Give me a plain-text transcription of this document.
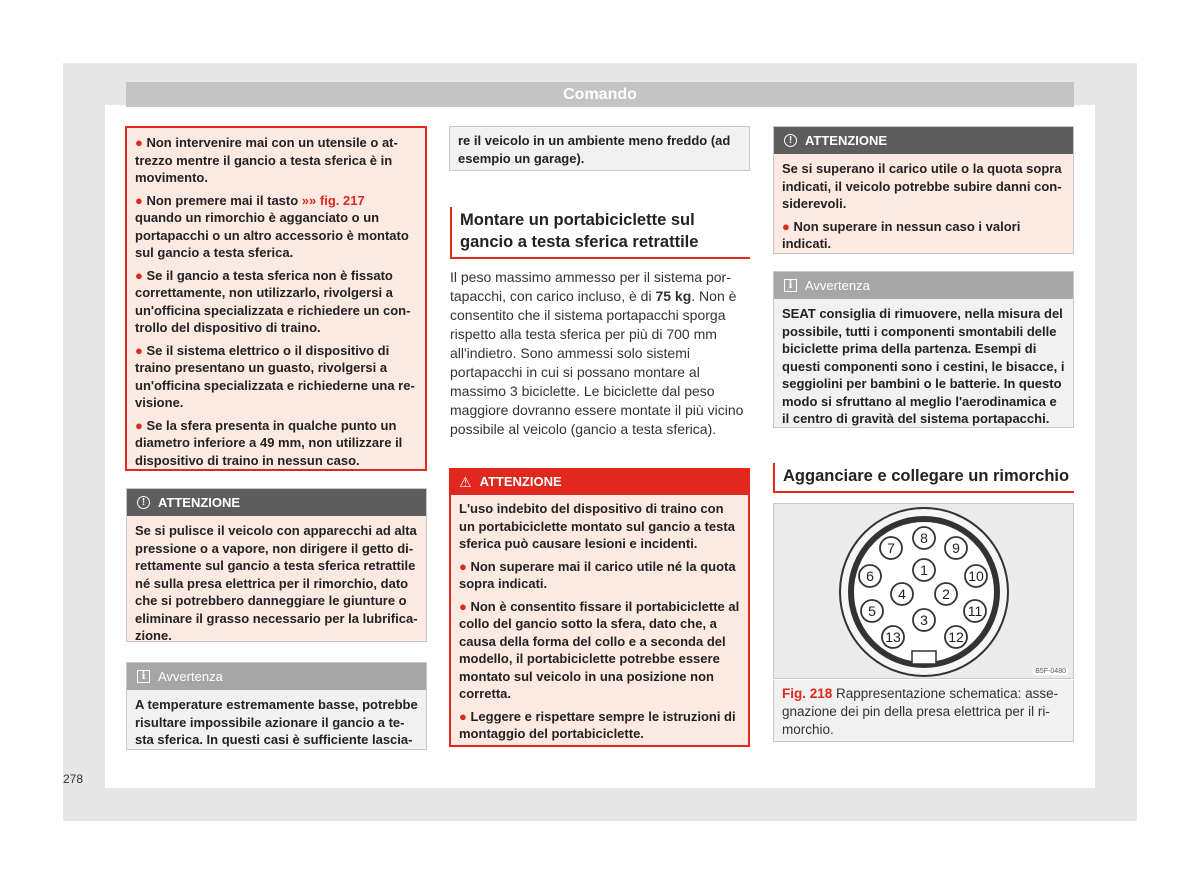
Comando

● Non intervenire mai con un utensile o attrezzo mentre il gancio a testa sferica è in movimento.

● Non premere mai il tasto »» fig. 217 quando un rimorchio è agganciato o un portapacchi o un altro accessorio è montato sul gancio a testa sferica.

● Se il gancio a testa sferica non è fissato correttamente, non utilizzarlo, rivolgersi a un'officina specializzata e richiedere un controllo del dispositivo di traino.

● Se il sistema elettrico o il dispositivo di traino presentano un guasto, rivolgersi a un'officina specializzata e richiederne una revisione.

● Se la sfera presenta in qualche punto un diametro inferiore a 49 mm, non utilizzare il dispositivo di traino in nessun caso.

! ATTENZIONE
Se si pulisce il veicolo con apparecchi ad alta pressione o a vapore, non dirigere il getto direttamente sul gancio a testa sferica retrattile né sulla presa elettrica per il rimorchio, dato che si potrebbero danneggiare le giunture o eliminare il grasso necessario per la lubrificazione.
i Avvertenza
A temperature estremamente basse, potrebbe risultare impossibile azionare il gancio a testa sferica. In questi casi è sufficiente lascia-
re il veicolo in un ambiente meno freddo (ad esempio un garage).
Montare un portabiciclette sul gancio a testa sferica retrattile
Il peso massimo ammesso per il sistema portapacchi, con carico incluso, è di 75 kg. Non è consentito che il sistema portapacchi sporga rispetto alla testa sferica per più di 700 mm all'indietro. Sono ammessi solo sistemi portapacchi in cui si possano montare al massimo 3 biciclette. Le biciclette dal peso maggiore dovranno essere montate il più vicino possibile al veicolo (gancio a testa sferica).
⚠ ATTENZIONE

L'uso indebito del dispositivo di traino con un portabiciclette montato sul gancio a testa sferica può causare lesioni e incidenti.

● Non superare mai il carico utile né la quota sopra indicati.

● Non è consentito fissare il portabiciclette al collo del gancio sotto la sfera, dato che, a causa della forma del collo e a seconda del modello, il portabiciclette potrebbe essere montato sul veicolo in una posizione non corretta.

● Leggere e rispettare sempre le istruzioni di montaggio del portabiciclette.

! ATTENZIONE

Se si superano il carico utile o la quota sopra indicati, il veicolo potrebbe subire danni considerevoli.

● Non superare in nessun caso i valori indicati.

i Avvertenza
SEAT consiglia di rimuovere, nella misura del possibile, tutti i componenti smontabili delle biciclette prima della partenza. Esempi di questi componenti sono i cestini, le bisacce, i seggiolini per bambini o le batterie. In questo modo si sfruttano al meglio l'aerodinamica e il centro di gravità del sistema portapacchi.
Agganciare e collegare un rimorchio
1
2
3
4
5
6
7
8
9
10
11
12
13
B5F-0480
Fig. 218 Rappresentazione schematica: assegnazione dei pin della presa elettrica per il rimorchio.
278
